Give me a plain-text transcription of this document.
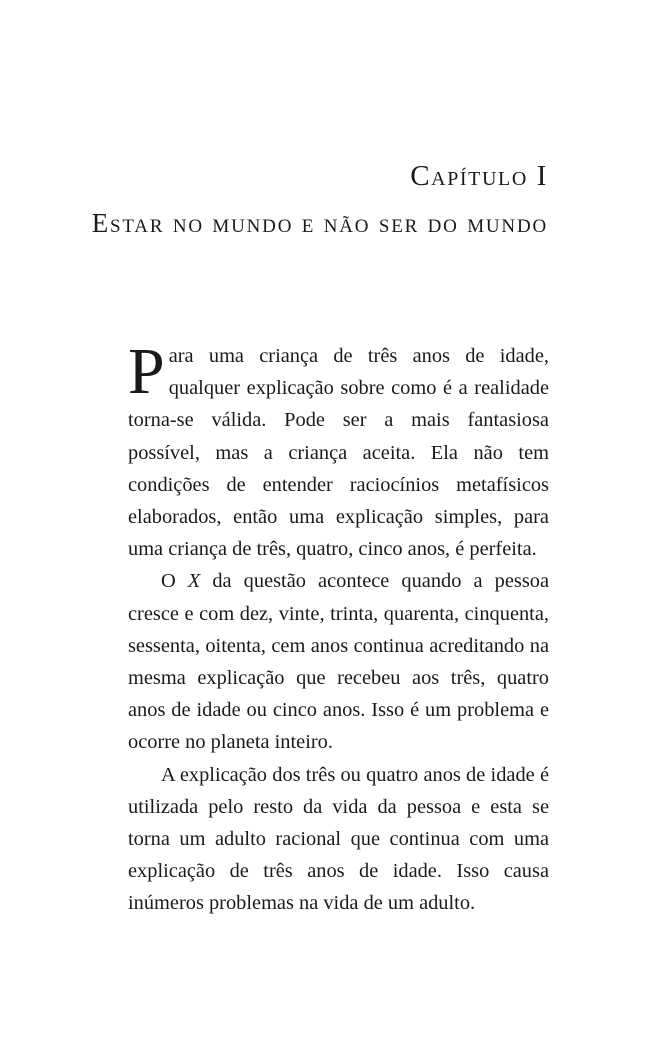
Capítulo I
Estar no mundo e não ser do mundo

Para uma criança de três anos de idade, qualquer explicação sobre como é a realidade torna-se válida. Pode ser a mais fantasiosa possível, mas a criança aceita. Ela não tem condições de entender raciocínios metafísicos elaborados, então uma explicação simples, para uma criança de três, quatro, cinco anos, é perfeita.

O X da questão acontece quando a pessoa cresce e com dez, vinte, trinta, quarenta, cinquenta, sessenta, oitenta, cem anos continua acreditando na mesma explicação que recebeu aos três, quatro anos de idade ou cinco anos. Isso é um problema e ocorre no planeta inteiro.

A explicação dos três ou quatro anos de idade é utilizada pelo resto da vida da pessoa e esta se torna um adulto racional que continua com uma explicação de três anos de idade. Isso causa inúmeros problemas na vida de um adulto.
